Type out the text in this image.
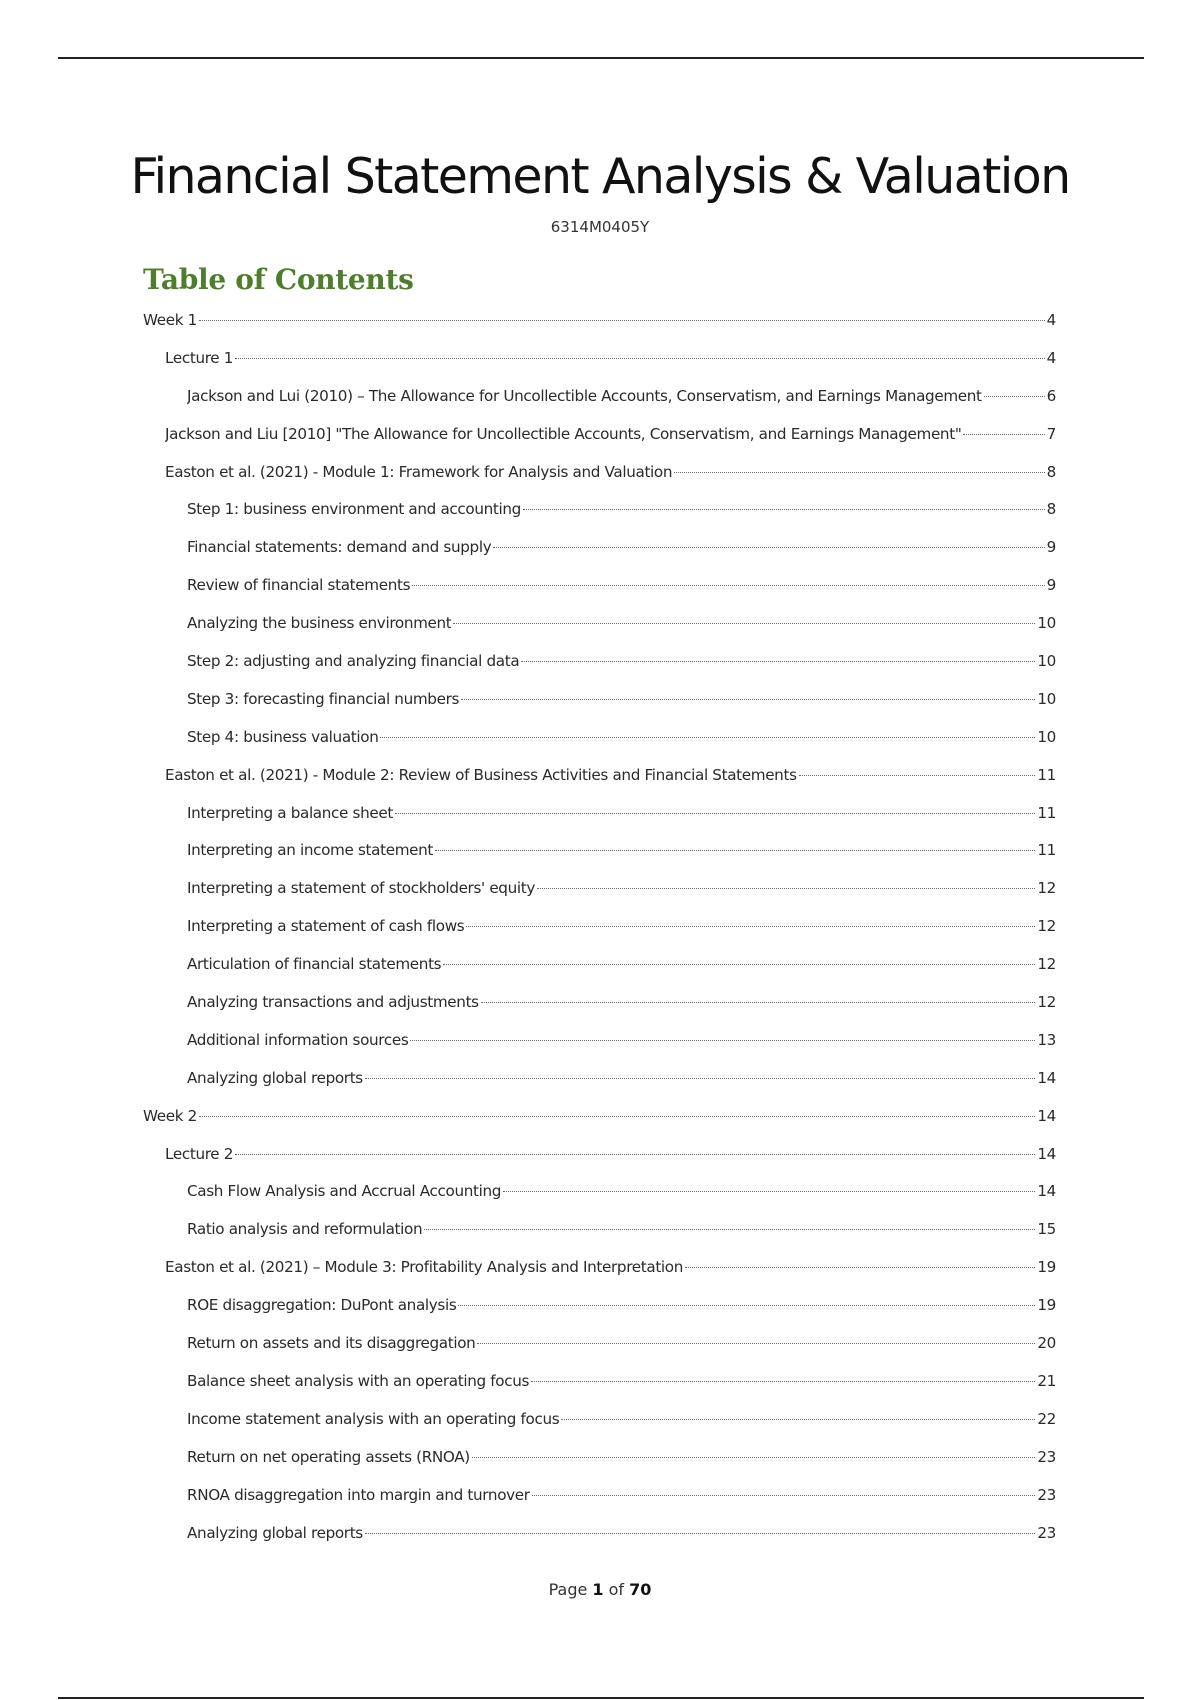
Financial Statement Analysis & Valuation
6314M0405Y
Table of Contents
Week 1	4
Lecture 1	4
Jackson and Lui (2010) – The Allowance for Uncollectible Accounts, Conservatism, and Earnings Management	6
Jackson and Liu [2010] "The Allowance for Uncollectible Accounts, Conservatism, and Earnings Management"	7
Easton et al. (2021) - Module 1: Framework for Analysis and Valuation	8
Step 1: business environment and accounting	8
Financial statements: demand and supply	9
Review of financial statements	9
Analyzing the business environment	10
Step 2: adjusting and analyzing financial data	10
Step 3: forecasting financial numbers	10
Step 4: business valuation	10
Easton et al. (2021) - Module 2: Review of Business Activities and Financial Statements	11
Interpreting a balance sheet	11
Interpreting an income statement	11
Interpreting a statement of stockholders' equity	12
Interpreting a statement of cash flows	12
Articulation of financial statements	12
Analyzing transactions and adjustments	12
Additional information sources	13
Analyzing global reports	14
Week 2	14
Lecture 2	14
Cash Flow Analysis and Accrual Accounting	14
Ratio analysis and reformulation	15
Easton et al. (2021) – Module 3: Profitability Analysis and Interpretation	19
ROE disaggregation: DuPont analysis	19
Return on assets and its disaggregation	20
Balance sheet analysis with an operating focus	21
Income statement analysis with an operating focus	22
Return on net operating assets (RNOA)	23
RNOA disaggregation into margin and turnover	23
Analyzing global reports	23
Page 1 of 70
